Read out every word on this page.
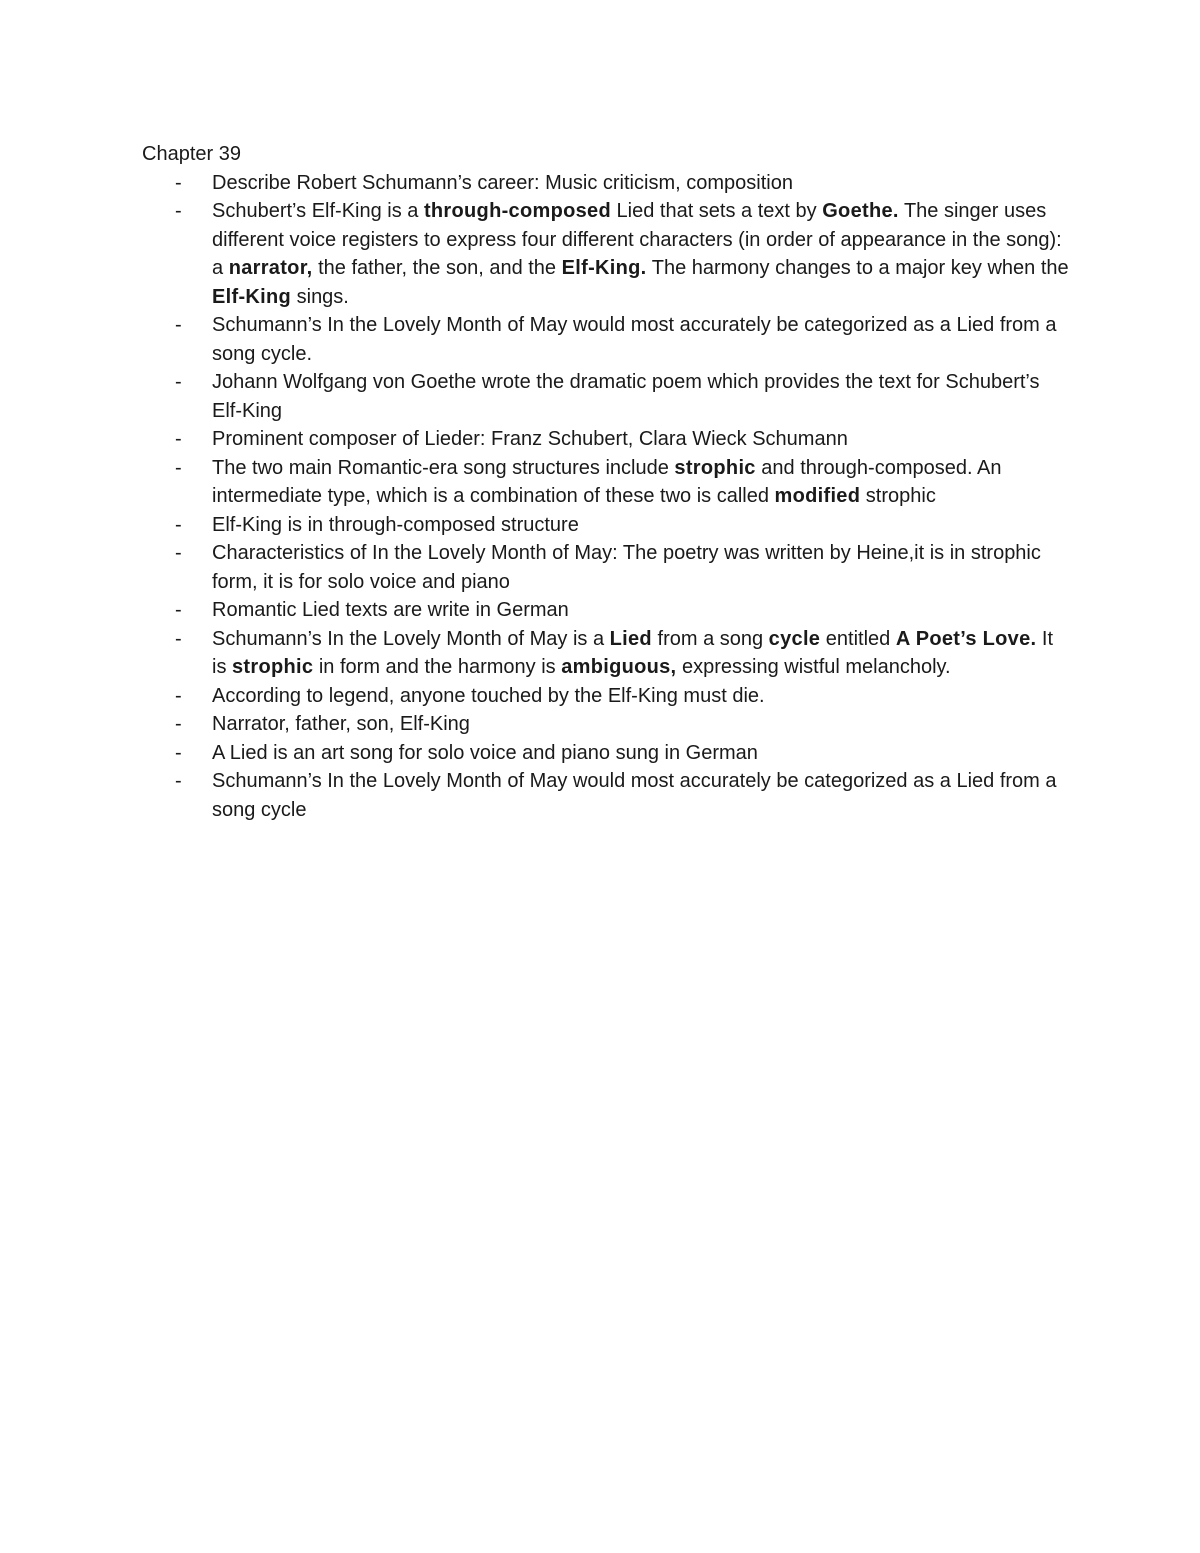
Chapter 39
- Describe Robert Schumann’s career: Music criticism, composition
- Schubert’s Elf-King is a through-composed Lied that sets a text by Goethe. The singer uses different voice registers to express four different characters (in order of appearance in the song): a narrator, the father, the son, and the Elf-King. The harmony changes to a major key when the Elf-King sings.
- Schumann’s In the Lovely Month of May would most accurately be categorized as a Lied from a song cycle.
- Johann Wolfgang von Goethe wrote the dramatic poem which provides the text for Schubert’s Elf-King
- Prominent composer of Lieder: Franz Schubert, Clara Wieck Schumann
- The two main Romantic-era song structures include strophic and through-composed. An intermediate type, which is a combination of these two is called modified strophic
- Elf-King is in through-composed structure
- Characteristics of In the Lovely Month of May: The poetry was written by Heine,it is in strophic form, it is for solo voice and piano
- Romantic Lied texts are write in German
- Schumann’s In the Lovely Month of May is a Lied from a song cycle entitled A Poet’s Love. It is strophic in form and the harmony is ambiguous, expressing wistful melancholy.
- According to legend, anyone touched by the Elf-King must die.
- Narrator, father, son, Elf-King
- A Lied is an art song for solo voice and piano sung in German
- Schumann’s In the Lovely Month of May would most accurately be categorized as a Lied from a song cycle
